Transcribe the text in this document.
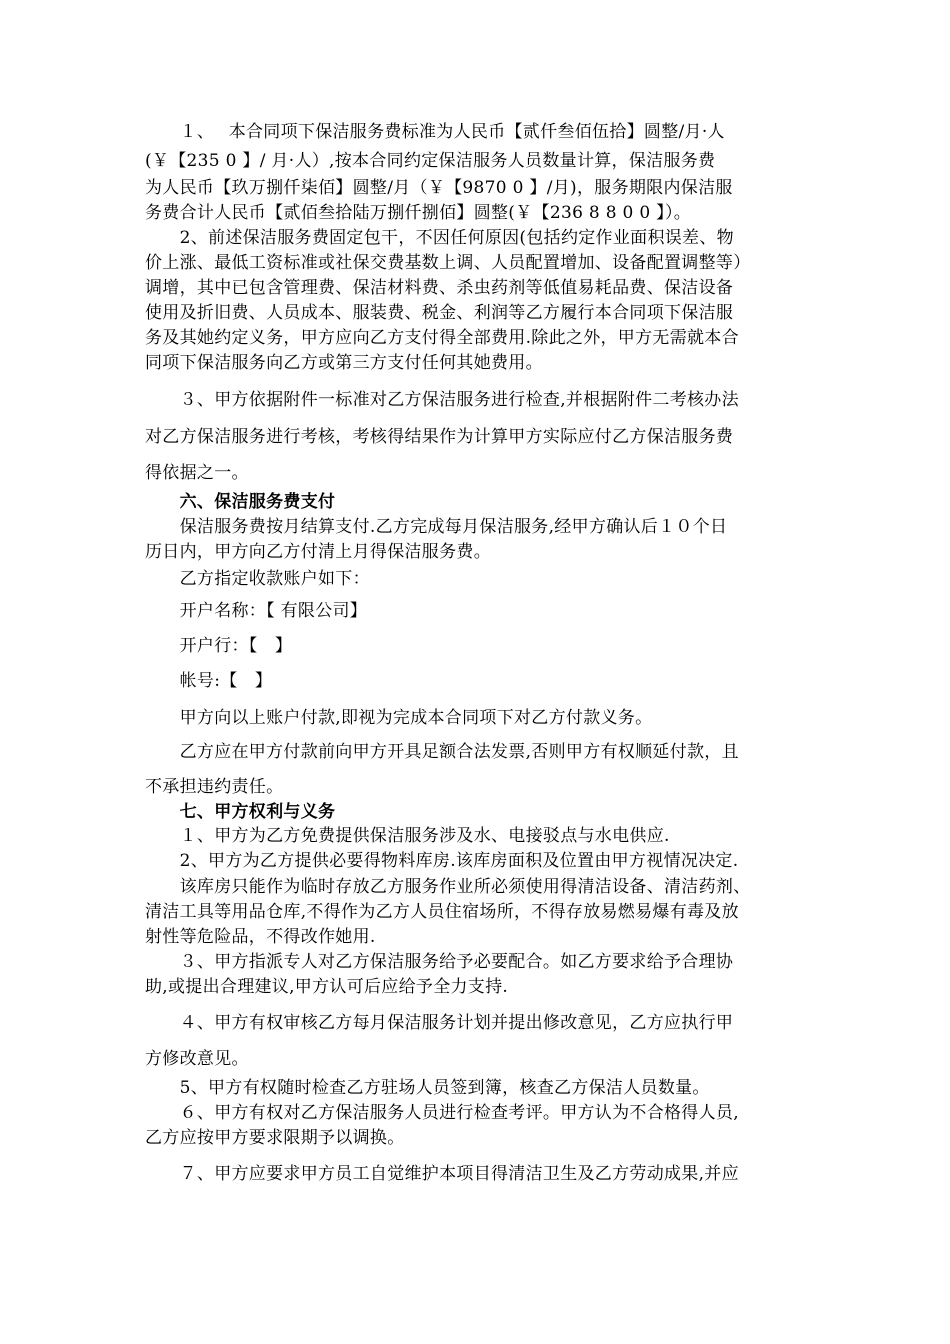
　　１、　 本合同项下保洁服务费标准为人民币【贰仟叁佰伍拾】圆整/月·人
(￥【235 0 】/ 月·人）,按本合同约定保洁服务人员数量计算，保洁服务费
为人民币【玖万捌仟柒佰】圆整/月（￥【9870 0 】/月)，服务期限内保洁服
务费合计人民币【贰佰叁拾陆万捌仟捌佰】圆整(￥【236 8 8 0 0 】）。
　　2、前述保洁服务费固定包干，不因任何原因(包括约定作业面积误差、物
价上涨、最低工资标准或社保交费基数上调、人员配置增加、设备配置调整等）
调增，其中已包含管理费、保洁材料费、杀虫药剂等低值易耗品费、保洁设备
使用及折旧费、人员成本、服装费、税金、利润等乙方履行本合同项下保洁服
务及其她约定义务，甲方应向乙方支付得全部费用.除此之外，甲方无需就本合
同项下保洁服务向乙方或第三方支付任何其她费用。
　　３、甲方依据附件一标准对乙方保洁服务进行检查,并根据附件二考核办法
对乙方保洁服务进行考核，考核得结果作为计算甲方实际应付乙方保洁服务费
得依据之一。
　　六、保洁服务费支付
　　保洁服务费按月结算支付.乙方完成每月保洁服务,经甲方确认后１０个日
历日内，甲方向乙方付清上月得保洁服务费。
　　乙方指定收款账户如下：
　　开户名称：【 有限公司】
　　开户行：【　】
　　帐号:【　】
　　甲方向以上账户付款,即视为完成本合同项下对乙方付款义务。
　　乙方应在甲方付款前向甲方开具足额合法发票,否则甲方有权顺延付款，且
不承担违约责任。
　　七、甲方权利与义务
　　１、甲方为乙方免费提供保洁服务涉及水、电接驳点与水电供应.
　　2、甲方为乙方提供必要得物料库房.该库房面积及位置由甲方视情况决定.
　　该库房只能作为临时存放乙方服务作业所必须使用得清洁设备、清洁药剂、
清洁工具等用品仓库,不得作为乙方人员住宿场所，不得存放易燃易爆有毒及放
射性等危险品，不得改作她用.
　　３、甲方指派专人对乙方保洁服务给予必要配合。如乙方要求给予合理协
助,或提出合理建议,甲方认可后应给予全力支持.
　　４、甲方有权审核乙方每月保洁服务计划并提出修改意见，乙方应执行甲
方修改意见。
　　5、甲方有权随时检查乙方驻场人员签到簿，核查乙方保洁人员数量。
　　６、甲方有权对乙方保洁服务人员进行检查考评。甲方认为不合格得人员,
乙方应按甲方要求限期予以调换。
　　７、甲方应要求甲方员工自觉维护本项目得清洁卫生及乙方劳动成果,并应
